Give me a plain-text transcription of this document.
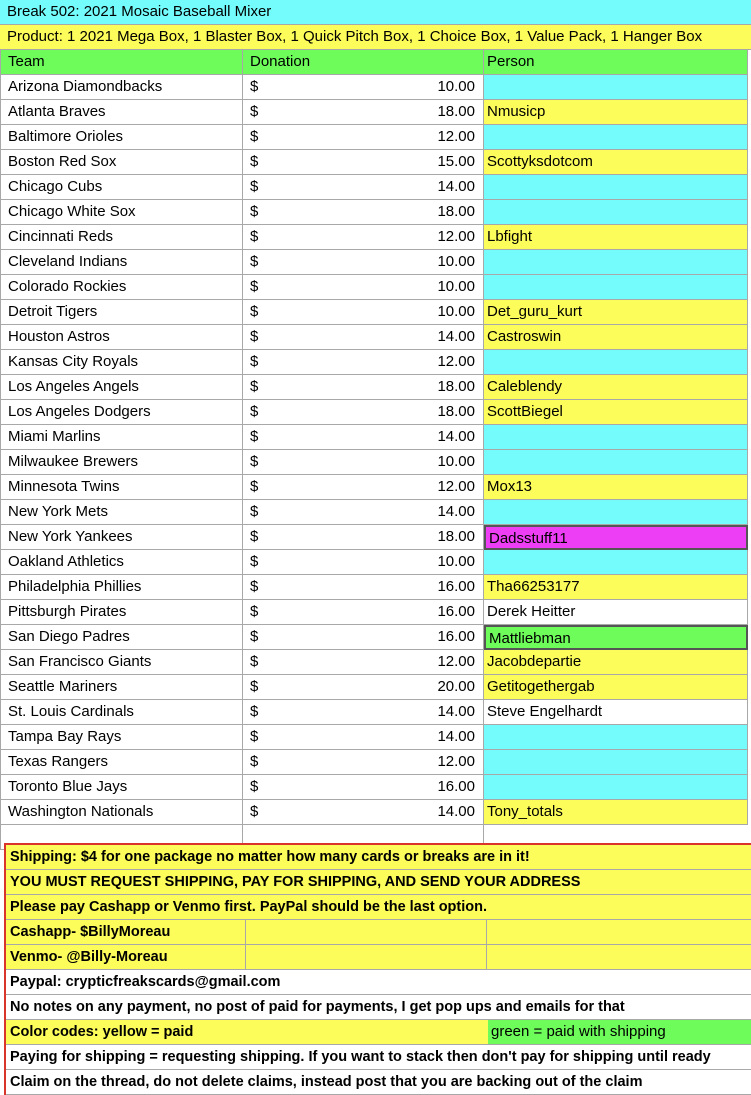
Break 502: 2021 Mosaic Baseball Mixer
Product: 1 2021 Mega Box, 1 Blaster Box, 1 Quick Pitch Box, 1 Choice Box, 1 Value Pack, 1 Hanger Box
Team	Donation	Person
Arizona Diamondbacks	$	10.00
Atlanta Braves	$	18.00 Nmusicp
Baltimore Orioles	$	12.00
Boston Red Sox	$	15.00 Scottyksdotcom
Chicago Cubs	$	14.00
Chicago White Sox	$	18.00
Cincinnati Reds	$	12.00 Lbfight
Cleveland Indians	$	10.00
Colorado Rockies	$	10.00
Detroit Tigers	$	10.00 Det_guru_kurt
Houston Astros	$	14.00 Castroswin
Kansas City Royals	$	12.00
Los Angeles Angels	$	18.00 Caleblendy
Los Angeles Dodgers	$	18.00 ScottBiegel
Miami Marlins	$	14.00
Milwaukee Brewers	$	10.00
Minnesota Twins	$	12.00 Mox13
New York Mets	$	14.00
New York Yankees	$	18.00 Dadsstuff11
Oakland Athletics	$	10.00
Philadelphia Phillies	$	16.00 Tha66253177
Pittsburgh Pirates	$	16.00 Derek Heitter
San Diego Padres	$	16.00 Mattliebman
San Francisco Giants	$	12.00 Jacobdepartie
Seattle Mariners	$	20.00 Getitogethergab
St. Louis Cardinals	$	14.00 Steve Engelhardt
Tampa Bay Rays	$	14.00
Texas Rangers	$	12.00
Toronto Blue Jays	$	16.00
Washington Nationals	$	14.00 Tony_totals
Shipping: $4 for one package no matter how many cards or breaks are in it!
YOU MUST REQUEST SHIPPING, PAY FOR SHIPPING, AND SEND YOUR ADDRESS
Please pay Cashapp or Venmo first. PayPal should be the last option.
Cashapp- $BillyMoreau
Venmo- @Billy-Moreau
Paypal: crypticfreakscards@gmail.com
No notes on any payment, no post of paid for payments, I get pop ups and emails for that
Color codes: yellow = paid	green = paid with shipping
Paying for shipping = requesting shipping. If you want to stack then don't pay for shipping until ready
Claim on the thread, do not delete claims, instead post that you are backing out of the claim
